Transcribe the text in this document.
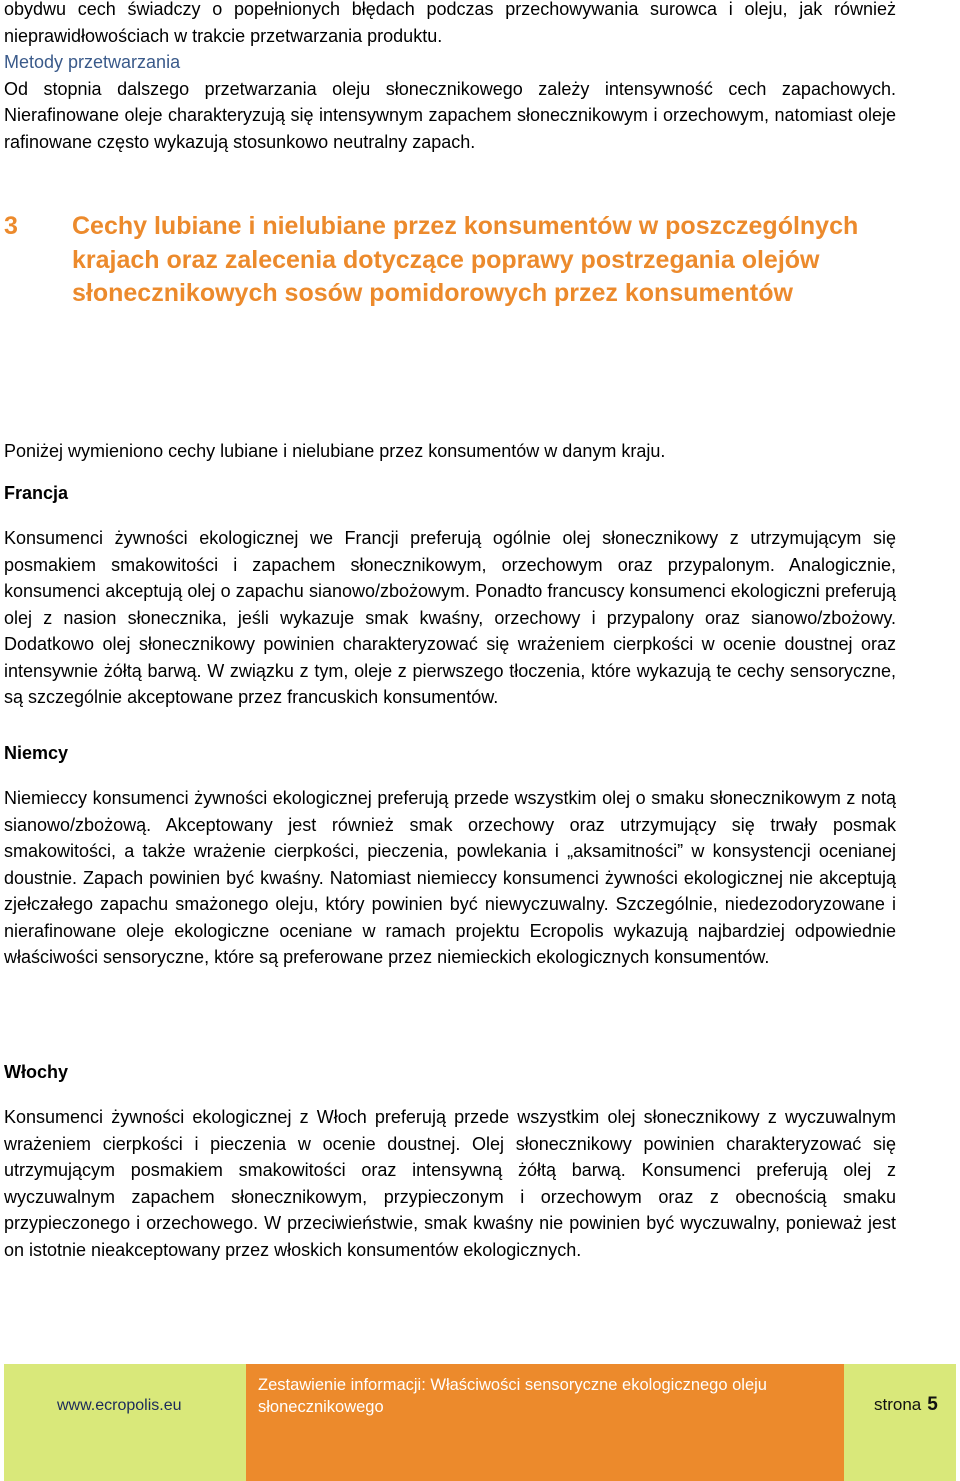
obydwu cech świadczy o popełnionych błędach podczas przechowywania surowca i oleju, jak również nieprawidłowościach w trakcie przetwarzania produktu.

Metody przetwarzania

Od stopnia dalszego przetwarzania oleju słonecznikowego zależy intensywność cech zapachowych. Nierafinowane oleje charakteryzują się intensywnym zapachem słonecznikowym i orzechowym, natomiast oleje rafinowane często wykazują stosunkowo neutralny zapach.

3 Cechy lubiane i nielubiane przez konsumentów w poszczególnych krajach oraz zalecenia dotyczące poprawy postrzegania olejów słonecznikowych sosów pomidorowych przez konsumentów

Poniżej wymieniono cechy lubiane i nielubiane przez konsumentów w danym kraju.

Francja

Konsumenci żywności ekologicznej we Francji preferują ogólnie olej słonecznikowy z utrzymującym się posmakiem smakowitości i zapachem słonecznikowym, orzechowym oraz przypalonym. Analogicznie, konsumenci akceptują olej o zapachu sianowo/zbożowym. Ponadto francuscy konsumenci ekologiczni preferują olej z nasion słonecznika, jeśli wykazuje smak kwaśny, orzechowy i przypalony oraz sianowo/zbożowy. Dodatkowo olej słonecznikowy powinien charakteryzować się wrażeniem cierpkości w ocenie doustnej oraz intensywnie żółtą barwą. W związku z tym, oleje z pierwszego tłoczenia, które wykazują te cechy sensoryczne, są szczególnie akceptowane przez francuskich konsumentów.

Niemcy

Niemieccy konsumenci żywności ekologicznej preferują przede wszystkim olej o smaku słonecznikowym z notą sianowo/zbożową. Akceptowany jest również smak orzechowy oraz utrzymujący się trwały posmak smakowitości, a także wrażenie cierpkości, pieczenia, powlekania i „aksamitności” w konsystencji ocenianej doustnie. Zapach powinien być kwaśny. Natomiast niemieccy konsumenci żywności ekologicznej nie akceptują zjełczałego zapachu smażonego oleju, który powinien być niewyczuwalny. Szczególnie, niedezodoryzowane i nierafinowane oleje ekologiczne oceniane w ramach projektu Ecropolis wykazują najbardziej odpowiednie właściwości sensoryczne, które są preferowane przez niemieckich ekologicznych konsumentów.

Włochy

Konsumenci żywności ekologicznej z Włoch preferują przede wszystkim olej słonecznikowy z wyczuwalnym wrażeniem cierpkości i pieczenia w ocenie doustnej. Olej słonecznikowy powinien charakteryzować się utrzymującym posmakiem smakowitości oraz intensywną żółtą barwą. Konsumenci preferują olej z wyczuwalnym zapachem słonecznikowym, przypieczonym i orzechowym oraz z obecnością smaku przypieczonego i orzechowego. W przeciwieństwie, smak kwaśny nie powinien być wyczuwalny, ponieważ jest on istotnie nieakceptowany przez włoskich konsumentów ekologicznych.

www.ecropolis.eu
Zestawienie informacji: Właściwości sensoryczne ekologicznego oleju słonecznikowego	strona 5
